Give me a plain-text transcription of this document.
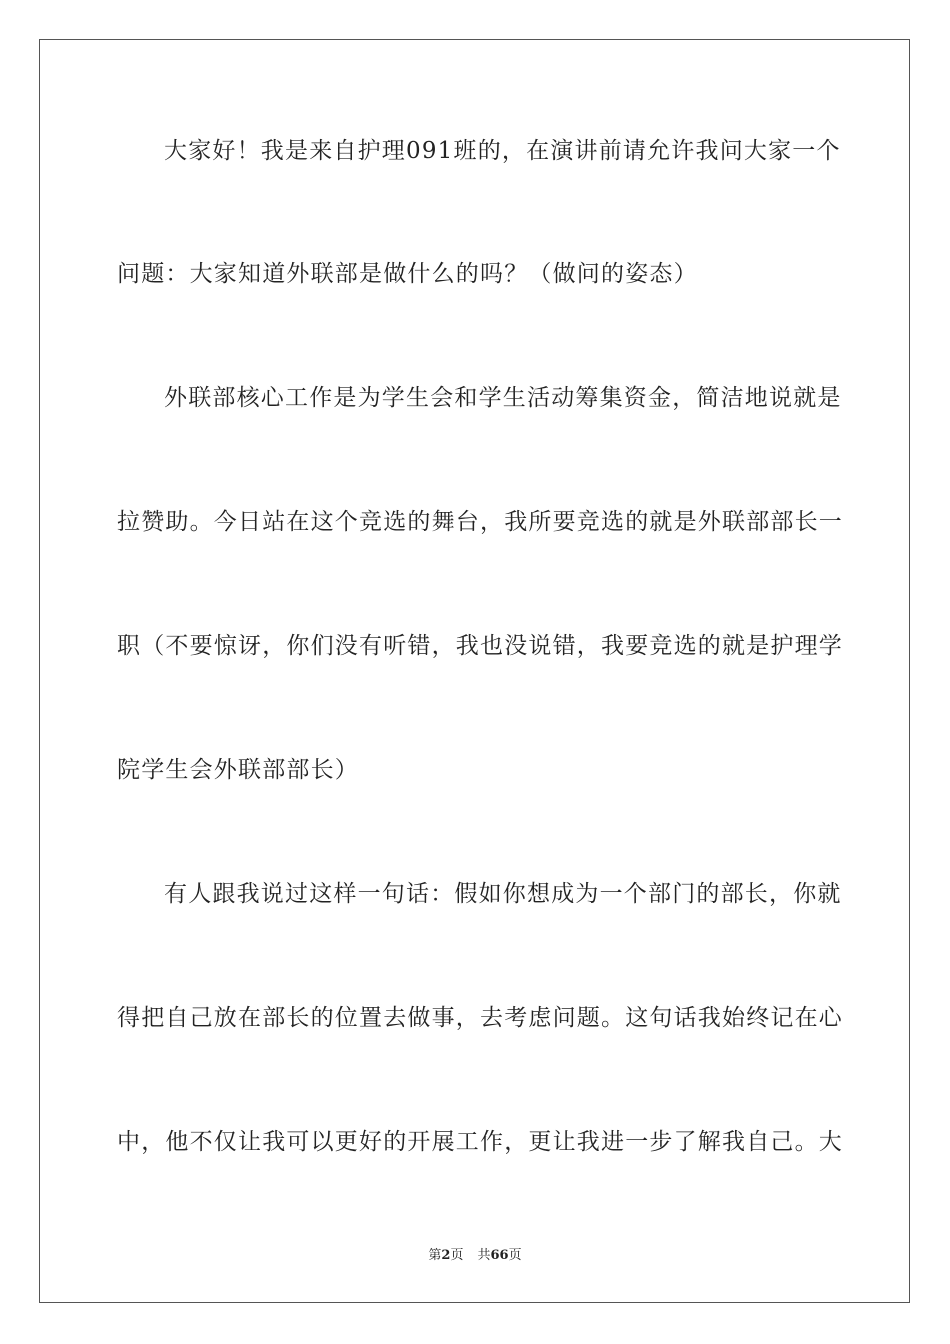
大家好！我是来自护理091班的，在演讲前请允许我问大家一个
问题：大家知道外联部是做什么的吗？（做问的姿态）
外联部核心工作是为学生会和学生活动筹集资金，简洁地说就是
拉赞助。今日站在这个竞选的舞台，我所要竞选的就是外联部部长一
职（不要惊讶，你们没有听错，我也没说错，我要竞选的就是护理学
院学生会外联部部长）
有人跟我说过这样一句话：假如你想成为一个部门的部长，你就
得把自己放在部长的位置去做事，去考虑问题。这句话我始终记在心
中，他不仅让我可以更好的开展工作，更让我进一步了解我自己。大
第2页 共66页
